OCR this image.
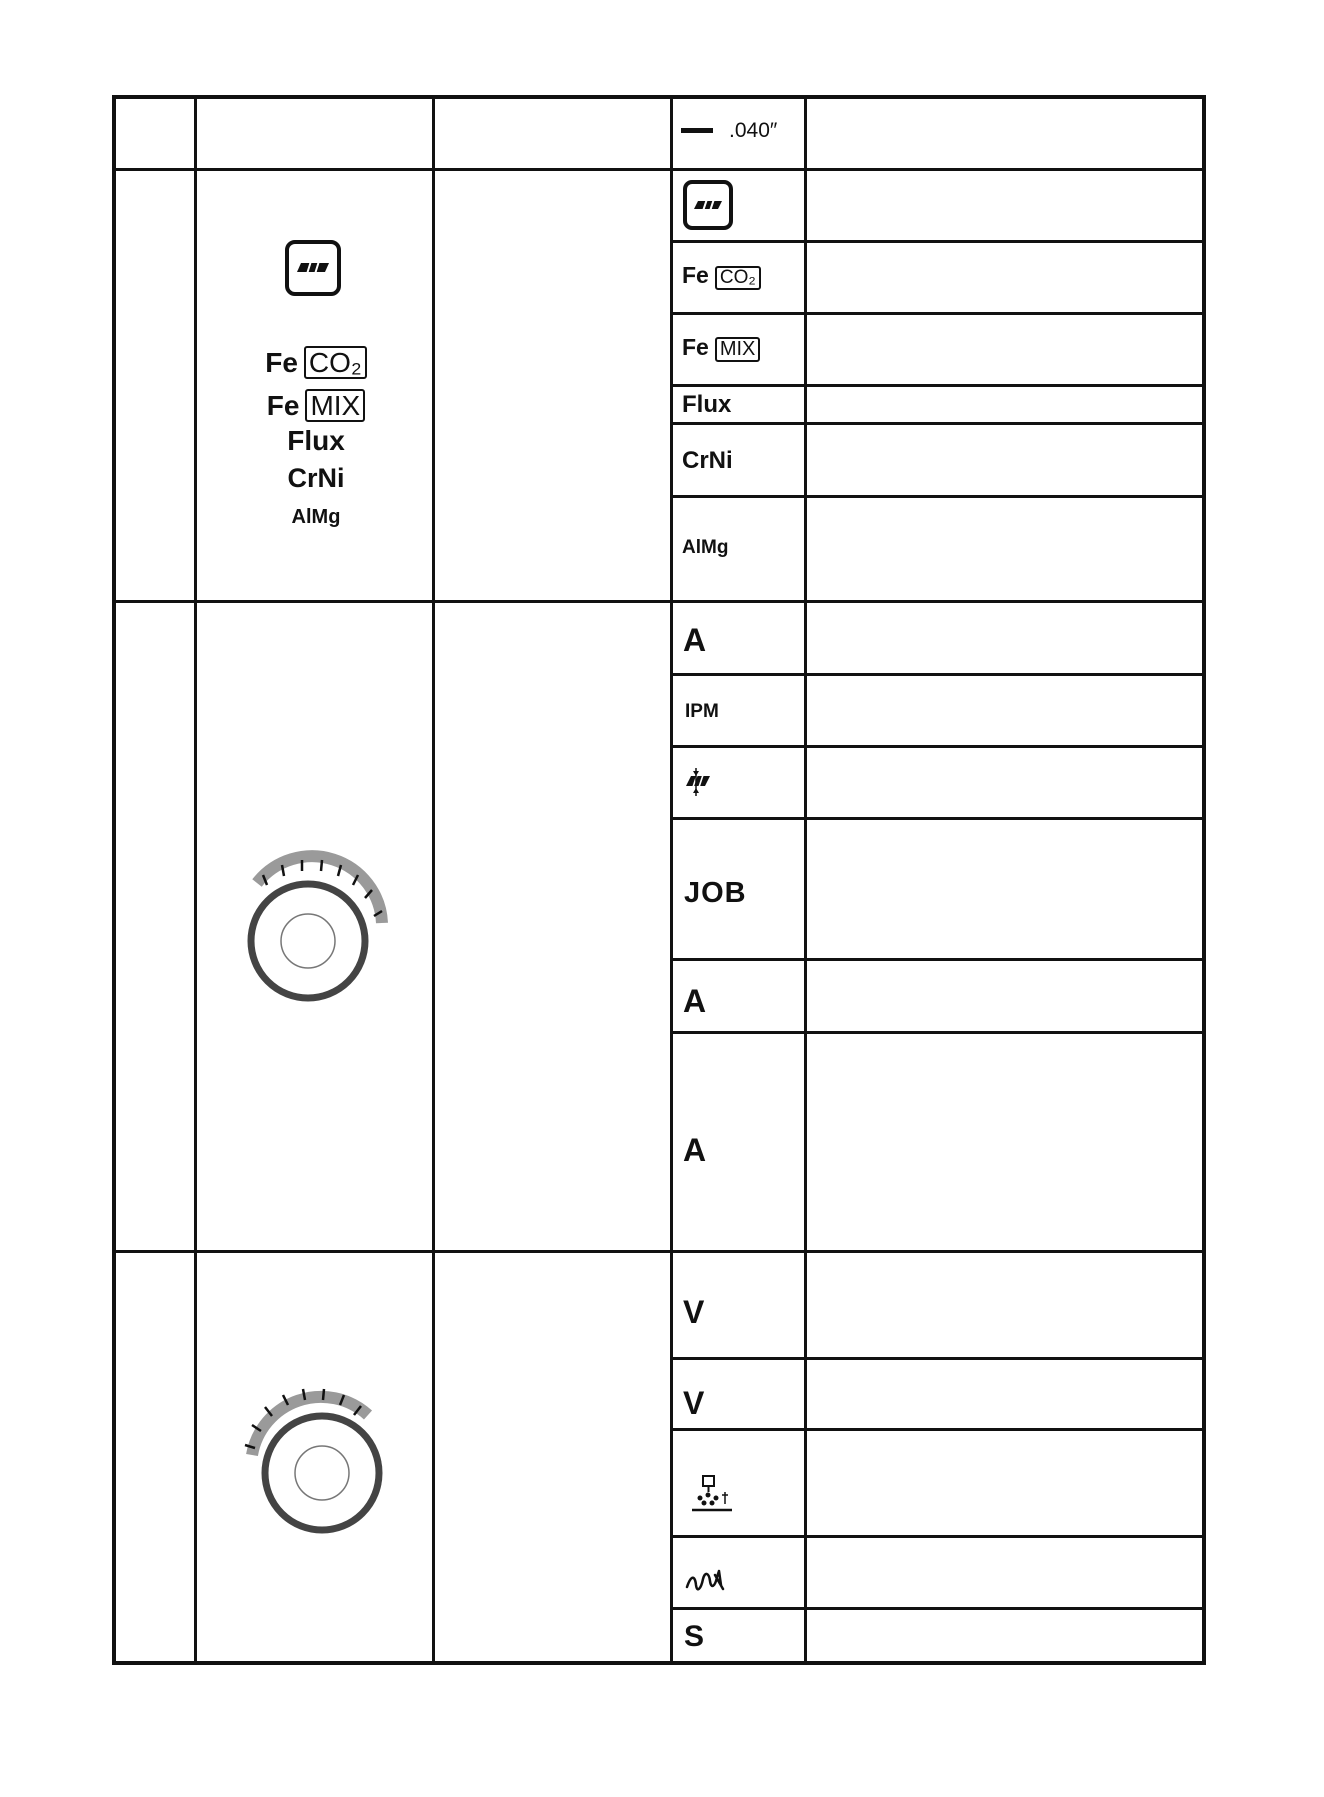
.040″
Fe CO₂
Fe MIX
Flux
CrNi
AlMg
Fe CO₂
Fe MIX
Flux
CrNi
AlMg
A
IPM
JOB
A
A
V
V
S
